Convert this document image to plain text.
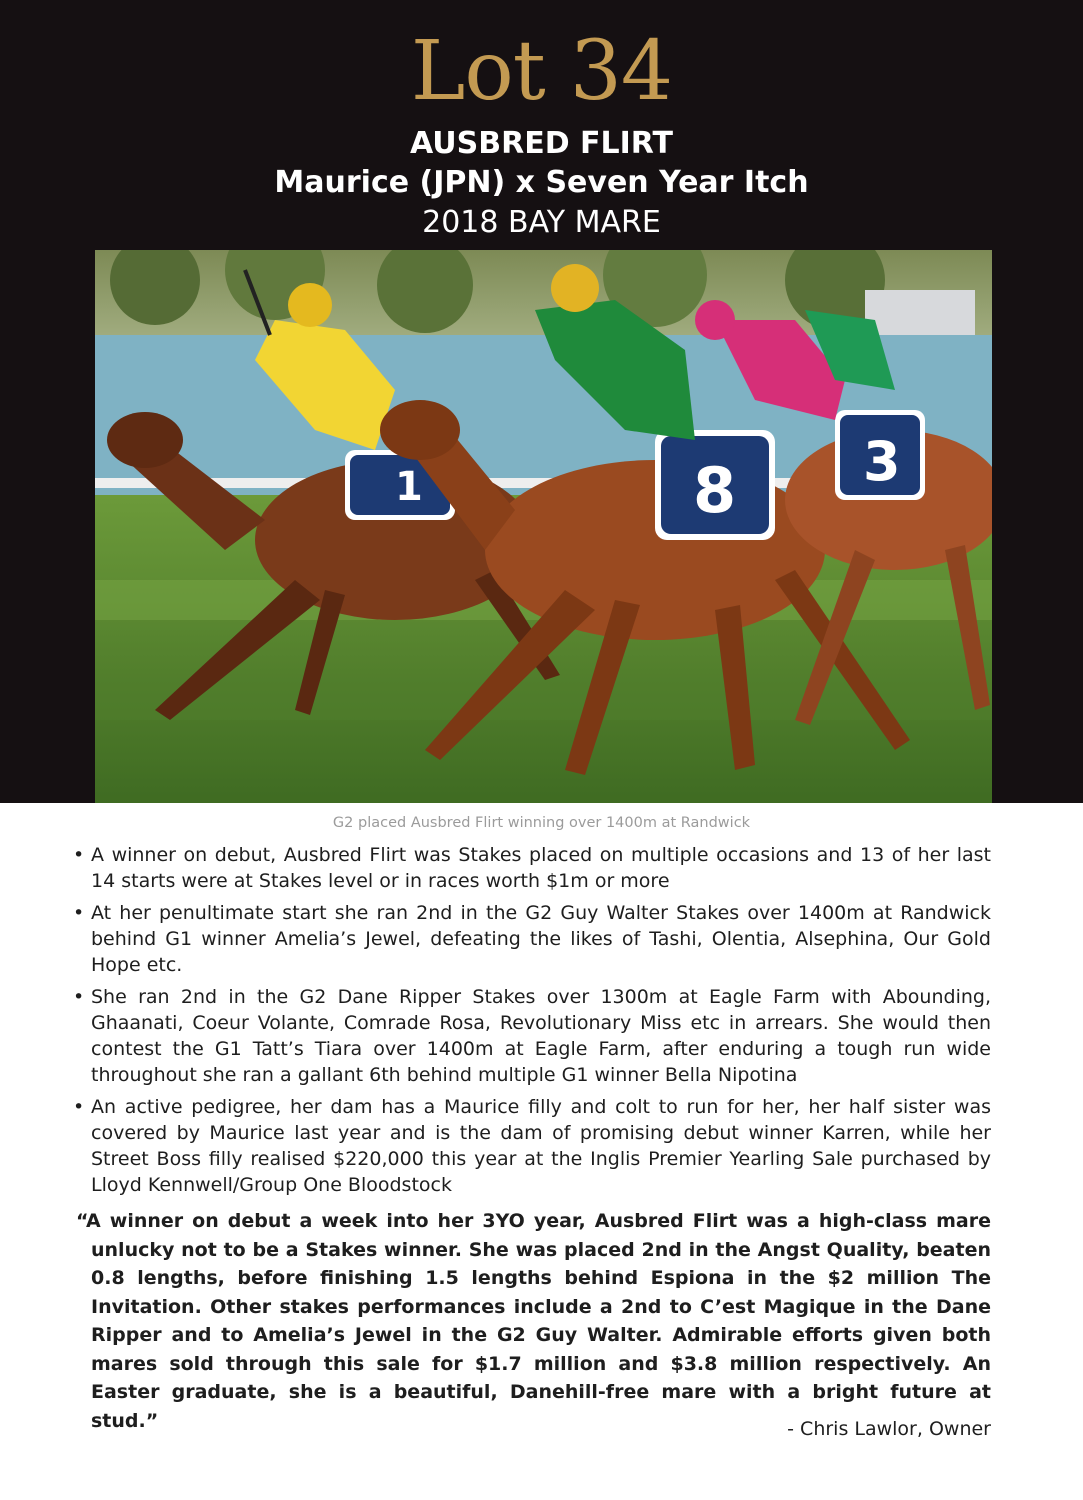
Lot 34
AUSBRED FLIRT
Maurice (JPN) x Seven Year Itch
2018 BAY MARE
1	8 3
G2 placed Ausbred Flirt winning over 1400m at Randwick
• A winner on debut, Ausbred Flirt was Stakes placed on multiple occasions and 13 of her last 14 starts were at Stakes level or in races worth $1m or more
• At her penultimate start she ran 2nd in the G2 Guy Walter Stakes over 1400m at Randwick behind G1 winner Amelia’s Jewel, defeating the likes of Tashi, Olentia, Alsephina, Our Gold Hope etc.
• She ran 2nd in the G2 Dane Ripper Stakes over 1300m at Eagle Farm with Abounding, Ghaanati, Coeur Volante, Comrade Rosa, Revolutionary Miss etc in arrears. She would then contest the G1 Tatt’s Tiara over 1400m at Eagle Farm, after enduring a tough run wide throughout she ran a gallant 6th behind multiple G1 winner Bella Nipotina
• An active pedigree, her dam has a Maurice filly and colt to run for her, her half sister was covered by Maurice last year and is the dam of promising debut winner Karren, while her Street Boss filly realised $220,000 this year at the Inglis Premier Yearling Sale purchased by Lloyd Kennwell/Group One Bloodstock
“A winner on debut a week into her 3YO year, Ausbred Flirt was a high-class mare unlucky not to be a Stakes winner. She was placed 2nd in the Angst Quality, beaten 0.8 lengths, before finishing 1.5 lengths behind Espiona in the $2 million The Invitation. Other stakes performances include a 2nd to C’est Magique in the Dane Ripper and to Amelia’s Jewel in the G2 Guy Walter. Admirable efforts given both mares sold through this sale for $1.7 million and $3.8 million respectively. An Easter graduate, she is a beautiful, Danehill-free mare with a bright future at stud.”	- Chris Lawlor, Owner
